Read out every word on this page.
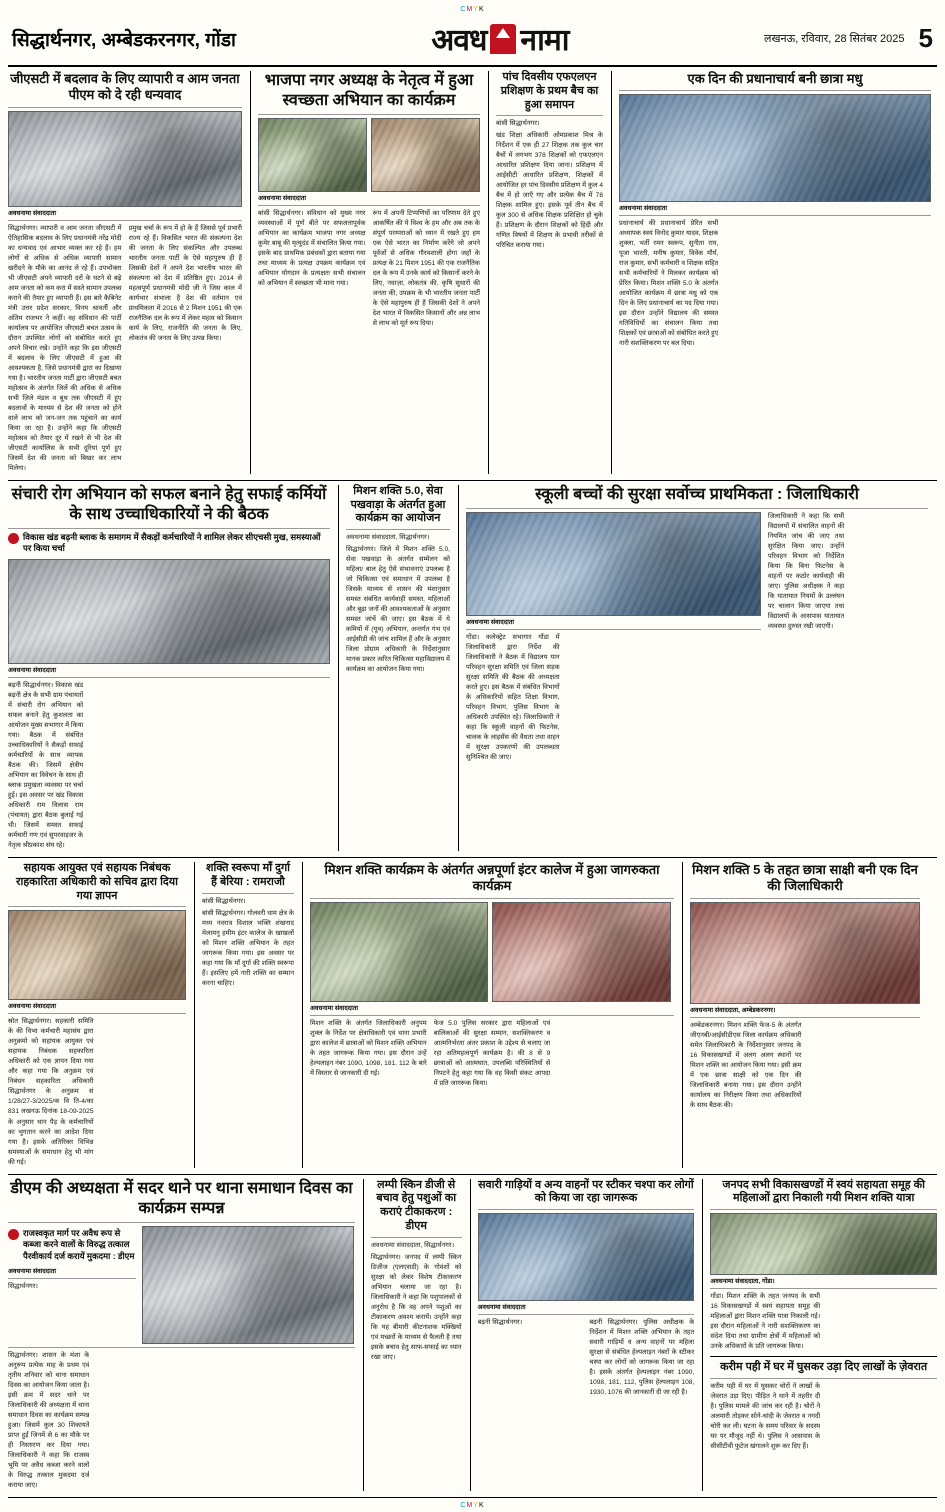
CMYK
सिद्धार्थनगर, अम्बेडकरनगर, गोंडा	अवध नामा	लखनऊ, रविवार, 28 सितंबर 2025 5
जीएसटी में बदलाव के लिए व्यापारी व आम जनता पीएम को दे रही धन्यवाद
अवधनामा संवाददाता
सिद्धार्थनगर। व्यापारी व आम जनता जीएसटी में ऐतिहासिक बदलाव के लिए प्रधानमंत्री नरेंद्र मोदी का धन्यवाद एवं आभार व्यक्त कर रहे हैं। हम लोगों से अधिक से अधिक व्यापारी सामान खरीदने के मौके का आनंद ले रहे हैं। उपभोक्ता भी जीएसटी अपने व्यापारी दरों के घटने से बढ़े आम जनता को कम करा में सस्ते सामान उपलब्ध कराने की तैयार हुए व्यापारी हैं। इस बारे कैबिनेट मंत्री उत्तर प्रदेश सरकार, विनय श्रावर्ती और अंतिम राजभर ने कहीं। वह संविधान की पार्टी कार्यालय पर आयोजित जीएसटी बचत उत्सव के दौरान उपस्थित लोगों को संबोधित करते हुए अपने विचार रखे। उन्होंने कहा कि इस जीएसटी में बदलाव के लिए जीएसटी में हुआ की आवश्यकता है, जिसे प्रधानमंत्री द्वारा का दिखाया गया है। भारतीय जनता पार्टी द्वारा जीएसटी बचत महोत्सव के अंतर्गत जिलें की अधिक से अधिक सभी ज़िले मंडल व बूथ तक जीएसटी में हुए बदलावों के माध्यम से देश की जनता को होने वाले लाभ को जन-जन तक पहुंचाने का कार्य किया जा रहा है। उन्होंने कहा कि जीएसटी महोत्सव को तैयार दूर में रखने से भी देश की जीएसटी कार्यालिस के सभी दूरियां पूर्ण हुए जिसमें देश की जनता को बिखर कर लाभ मिलेगा।
प्रमुख चर्चा के रूप में हो के हैं जिससे पूर्व प्रभारी राज्य रहे हैं। विकसित भारत की संकल्पना देश की जनता के लिए संकल्पित और उपलब्ध भारतीय जनता पार्टी के ऐसे महापुरुष ही हैं जिसकी देशों ने अपने देश भारतीय भारत की संकल्पना को देश में प्रतिष्ठित हुए। 2014 से महत्वपूर्ण प्रधानमंत्री मोदी जी ने जिस काल में कार्यभार संभाला है देश की वर्तमान एवं प्राथमिकता में 2016 से 2 मिशन 1951 की एक राजनैतिक दल के रूप में लेकर महत्व को किसान कार्य के लिए, राजनीति की जनता के लिए, लोकतंत्र की जनता के लिए उत्पन्न किया।
भाजपा नगर अध्यक्ष के नेतृत्व में हुआ स्वच्छता अभियान का कार्यक्रम
अवधनामा संवाददाता
बांसी सिद्धार्थनगर। संविधान को मुख्य नगर व्यवस्थाओं में पूर्ण बीते पर सफलतापूर्वक अभियान का कार्यक्रम भाजपा नगर अध्यक्ष कुमेर बाबू की मृत्युदंड में संचालित किया गया। इसके बाद प्राथमिक प्रबंधकों द्वारा बताया गया तथा माध्यम के प्रत्यक्ष उपक्रम कार्यक्रम एवं अभियान योगदान के प्रत्यक्षतः सभी संचालन को अभियान में स्वच्छता भी माना गया।
रूप में अपनी टिप्पणियों का परिणाम देते हुए आकर्षित की ये विश्व के हम और अब तक के संपूर्ण परम्पराओं को ध्यान में रखते हुए हम एक ऐसे भारत का निर्माण करेंगे जो अपने पूर्वजों से अधिक गौरवशाली होगा जहाँ के प्रत्यक्ष के 21 मिशन 1951 की एक राजनैतिक दल के रूप में उनके कार्य को किसानों करने के लिए, नवाज़ा, लोकतंत्र की, कृषि सुधारों की जनता की, उपक्रम के भी भारतीय जनता पार्टी के ऐसे महापुरुष ही हैं जिसकी देशों ने अपने देश भारत में विकसित किसानों और अन्न लाभ से लाभ को मूर्त रूप दिया।
पांच दिवसीय एफएलएन प्रशिक्षण के प्रथम बैच का हुआ समापन
बांसी सिद्धार्थनगर।
खंड शिक्षा अधिकारी ओमप्रकाश मिश्र के निर्देशन में एक ही 27 शिक्षक तक कुल चार बैचों में लगभग 378 शिक्षकों को एफएलएन आधारित प्रशिक्षण दिया जाना। प्रशिक्षण में आईसीटी आधारित प्रशिक्षण, शिक्षकों में आयोजित हर पांच दिवसीय प्रशिक्षण में कुल 4 बैच में हो जाएँ गए और प्रत्येक बैच में 78 शिक्षक शामिल हुए। इसके पूर्व तीन बैच में कुल 300 से अधिक शिक्षक प्रशिक्षित हो चुके हैं। प्रशिक्षण के दौरान शिक्षकों को हिंदी और गणित विषयों में शिक्षण के प्रभावी तरीकों से परिचित कराया गया।
एक दिन की प्रधानाचार्य बनी छात्रा मधु
अवधनामा संवाददाता
प्रधानाचार्य की प्रधानाचार्य प्रेरित सभी अध्यापक स्वयं विनोद कुमार यादव, शिक्षक शुक्ला, भर्ती रमन स्वरूप, सुनीता राय, पूजा भारती, मनीष कुमार, विवेक मौर्य, राज कुमार, सभी कर्मचारी व शिक्षक सहित सभी कर्मचारियों ने मिलकर कार्यक्रम को प्रेरित किया। मिशन शक्ति 5.0 के अंतर्गत आयोजित कार्यक्रम में छात्रा मधु को एक दिन के लिए प्रधानाचार्य का पद दिया गया। इस दौरान उन्होंने विद्यालय की समस्त गतिविधियों का संचालन किया तथा शिक्षकों एवं छात्राओं को संबोधित करते हुए नारी सशक्तिकरण पर बल दिया।
संचारी रोग अभियान को सफल बनाने हेतु सफाई कर्मियों के साथ उच्चाधिकारियों ने की बैठक
विकास खंड बढ़नी ब्लाक के समागम में सैकड़ों कर्मचारियों ने शामिल लेकर सीएचसी मुख, समस्याओं पर किया चर्चा
अवधनामा संवाददाता
बढ़नी सिद्धार्थनगर। विकास खंड बढ़नी क्षेत्र के सभी ग्राम पंचायतों में संचारी रोग अभियान को सफल बनाने हेतु कुशलता का आयोजन मुख्य सभागार में किया गया। बैठक में संबंधित उच्चाधिकारियों ने सैकड़ों सफाई कर्मचारियों के साथ व्यापक बैठक की। जिसमें क्षेत्रीय अभियान का विवेचन के साथ ही ब्लाक प्रमुखता व्यवस्था पर चर्चा हुई। इस अवसर पर खंड विकास अधिकारी राम विलास राम (पंचायत) द्वारा बैठक बुलाई गई थी। जिसमें समस्त सफाई कर्मचारी गण एवं सुपरवाइजर के नेतृत्व श्रीप्रकाश संघ रहे।
मिशन शक्ति 5.0, सेवा पखवाड़ा के अंतर्गत हुआ कार्यक्रम का आयोजन
अवधनामा संवाददाता, सिद्धार्थनगर।
सिद्धार्थनगर। जिले में मिशन शक्ति 5.0, सेवा पखवाड़ा के अंतर्गत सम्मेलन को महिला/ बाल हेतु ऐसे संभावनाएं उपलब्ध है जो चिकित्सा एवं समाधान में उपलब्ध है जिसके माध्यम से शासन की मंशानुसार समस्त संबंधित कार्यवाही समस्त, महिलाओं और बूढ़ा जनों की आवश्यकताओं के अनुसार समस्त जांचें की जाए। इस बैठक में ये कमियों में (यूथ) अभियान, अन्तर्गत गंभ एवं आईसीडी की जांच शामिल हैं और के अनुसार जिला प्रोग्राम अधिकारी के निर्देशानुसार मानक प्रकार त्वरित चिकित्सा महाविद्यालय में कार्यक्रम का आयोजन किया गया।
स्कूली बच्चों की सुरक्षा सर्वोच्च प्राथमिकता : जिलाधिकारी
अवधनामा संवाददाता
गोंडा। कलेक्ट्रेट सभागार गोंडा में जिलाधिकारी द्वारा निर्देश की जिलाधिकारी ने बैठक में विद्यालय यान परिवहन सुरक्षा समिति एवं जिला सड़क सुरक्षा समिति की बैठक की अध्यक्षता करते हुए। इस बैठक में संबंधित विभागों के अधिकारियों सहित शिक्षा विभाग, परिवहन विभाग, पुलिस विभाग के अधिकारी उपस्थित रहे। जिलाधिकारी ने कहा कि स्कूली वाहनों की फिटनेस, चालक के लाइसेंस की वैधता तथा वाहन में सुरक्षा उपकरणों की उपलब्धता सुनिश्चित की जाए।
जिलाधिकारी ने कहा कि सभी विद्यालयों में संचालित वाहनों की नियमित जांच की जाए तथा सुरक्षित किया जाए। उन्होंने परिवहन विभाग को निर्देशित किया कि बिना फिटनेस के वाहनों पर कठोर कार्यवाही की जाए। पुलिस अधीक्षक ने कहा कि यातायात नियमों के उल्लंघन पर चालान किया जाएगा तथा विद्यालयों के आसपास यातायात व्यवस्था दुरुस्त रखी जाएगी।
सहायक आयुक्त एवं सहायक निबंधक राहकारिता अधिकारी को सचिव द्वारा दिया गया ज्ञापन
अवधनामा संवाददाता
स्रोत सिद्धार्थनगर। सहकारी समिति के की विभा कर्मचारी महासंघ द्वारा अनुक्रमो को सहायक आयुक्त एवं सहायक निबंधक सहकारिता अधिकारी को एक ज्ञापन दिया गया और कहा गया कि अनुक्रम एवं निबंधन सहकारिता अधिकारी सिद्धार्थनगर के अनुक्रम सं 1/28/27-3/2025/क वि ति-4/का 831 लखनऊ दिनांक 18-09-2025 के अनुसार थान पैड़ के कर्मचारियों का भुगतान करने का आदेश दिया गया है। इसके अतिरिक्त विभिन्न समस्याओं के समाधान हेतु भी मांग की गई।
शक्ति स्वरूपा माँ दुर्गा हैं बेरिया : रामराजौ
बांसी सिद्धार्थनगर।
बांसी सिद्धार्थनगर। गोलवरी धाम क्षेत्र के मध्य नवरात्र विशाल भक्ति शंखनाद मेलामनु हमीम इंटर कालेज के खाखलों को मिशन शक्ति अभियान के तहत जागरूक किया गया। इस अवसर पर कहा गया कि माँ दुर्गा की शक्ति स्वरूपा हैं। इसलिए हमें नारी शक्ति का सम्मान करना चाहिए।
मिशन शक्ति कार्यक्रम के अंतर्गत अन्नपूर्णा इंटर कालेज में हुआ जागरुकता कार्यक्रम
अवधनामा संवाददाता
मिशन शक्ति के अंतर्गत जिलाधिकारी अनुपम शुक्ल के निर्देश पर क्षेत्राधिकारी एवं थाना प्रभारी द्वारा कालेज में छात्राओं को मिशन शक्ति अभियान के तहत जागरूक किया गया। इस दौरान उन्हें हेल्पलाइन नंबर 1090, 1098, 181, 112 के बारे में विस्तार से जानकारी दी गई।
फेज 5.0 पुलिस सरकार द्वारा महिलाओं एवं बालिकाओं की सुरक्षा सम्मान, सशक्तिकरण व आत्मनिर्भरता अंतर प्रकाश के उद्देश्य से चलाए जा रहा अतिमहत्वपूर्ण कार्यक्रम है। की 8 से 9 छात्राओं को आत्मघात, उपलब्धि परिस्थितियों से निपटने हेतु कहा गया कि वह किसी संकट आपदा में प्रति जागरूक किया।
मिशन शक्ति 5 के तहत छात्रा साक्षी बनी एक दिन की जिलाधिकारी
अवधनामा संवाददाता, अम्बेडकरनगर।
अम्बेडकरनगर। मिशन शक्ति फेज-5 के अंतर्गत जीएनबी/आईसीडीएस जिला कार्यक्रम अधिकारी समेत जिलाधिकारी के निर्देशानुसार जनपद के 16 विकासखण्डों में अलग अलग स्थानों पर मिशन शक्ति का आयोजन किया गया। इसी क्रम में एक छात्रा साक्षी को एक दिन की जिलाधिकारी बनाया गया। इस दौरान उन्होंने कार्यालय का निरीक्षण किया तथा अधिकारियों के साथ बैठक की।
डीएम की अध्यक्षता में सदर थाने पर थाना समाधान दिवस का कार्यक्रम सम्पन्न
राजस्वकृत मार्ग पर अवैध रूप से कब्जा करने वालों के विरुद्ध तत्काल पैरवीकार्य दर्ज करायें मुकदमा : डीएम
अवधनामा संवाददाता
सिद्धार्थनगर।
सिद्धार्थनगर। शासन के मंशा के अनुरूप प्रत्येक माह के प्रथम एवं तृतीय शनिवार को थाना समाधान दिवस का आयोजन किया जाता है। इसी क्रम में सदर थाने पर जिलाधिकारी की अध्यक्षता में थाना समाधान दिवस का कार्यक्रम सम्पन्न हुआ। जिसमें कुल 30 शिकायतें प्राप्त हुईं जिनमें से 6 का मौके पर ही निस्तारण कर दिया गया। जिलाधिकारी ने कहा कि राजस्व भूमि पर अवैध कब्जा करने वालों के विरुद्ध तत्काल मुकदमा दर्ज कराया जाए।
लम्पी स्किन डीजी से बचाव हेतु पशुओं का कराएं टीकाकरण : डीएम
अवधनामा संवाददाता, सिद्धार्थनगर।
सिद्धार्थनगर। जनपद में लम्पी स्किन डिजीज (एलएसडी) के गोवंशों को सुरक्षा को लेकर विशेष टीकाकरण अभियान चलाया जा रहा है। जिलाधिकारी ने कहा कि पशुपालकों से अनुरोध है कि वह अपने पशुओं का टीकाकरण अवश्य करायें। उन्होंने कहा कि यह बीमारी कीटनाशक मक्खियों एवं मच्छरों के माध्यम से फैलती है तथा इसके बचाव हेतु साफ-सफाई का ध्यान रखा जाए।
सवारी गाड़ियों व अन्य वाहनों पर स्टीकर चश्पा कर लोगों को किया जा रहा जागरूक
अवधनामा संवाददाता
बढ़नी सिद्धार्थनगर।	बढ़नी सिद्धार्थनगर। पुलिस अधीक्षक के निर्देशन में मिशन शक्ति अभियान के तहत सवारी गाड़ियों व अन्य वाहनों पर महिला सुरक्षा से संबंधित हेल्पलाइन नंबरों के स्टीकर चस्पा कर लोगों को जागरूक किया जा रहा है। इसके अंतर्गत हेल्पलाइन नंबर 1090, 1098, 181, 112, पुलिस हेल्पलाइन 108, 1930, 1076 की जानकारी दी जा रही है।
जनपद सभी विकासखण्डों में स्वयं सहायता समूह की महिलाओं द्वारा निकाली गयी मिशन शक्ति यात्रा
अवधनामा संवाददाता, गोंडा।
गोंडा। मिशन शक्ति के तहत जनपद के सभी 16 विकासखण्डों में स्वयं सहायता समूह की महिलाओं द्वारा मिशन शक्ति यात्रा निकाली गई। इस दौरान महिलाओं ने नारी सशक्तिकरण का संदेश दिया तथा ग्रामीण क्षेत्रों में महिलाओं को उनके अधिकारों के प्रति जागरूक किया।
करीम पही में घर में घुसकर उड़ा दिए लाखों के ज़ेवरात
करीम पही में घर में घुसकर चोरों ने लाखों के जेवरात उड़ा दिए। पीड़ित ने थाने में तहरीर दी है। पुलिस मामले की जांच कर रही है। चोरों ने अलमारी तोड़कर सोने-चांदी के जेवरात व नगदी चोरी कर ली। घटना के समय परिवार के सदस्य घर पर मौजूद नहीं थे। पुलिस ने आसपास के सीसीटीवी फुटेज खंगालने शुरू कर दिए हैं।
CMYK
